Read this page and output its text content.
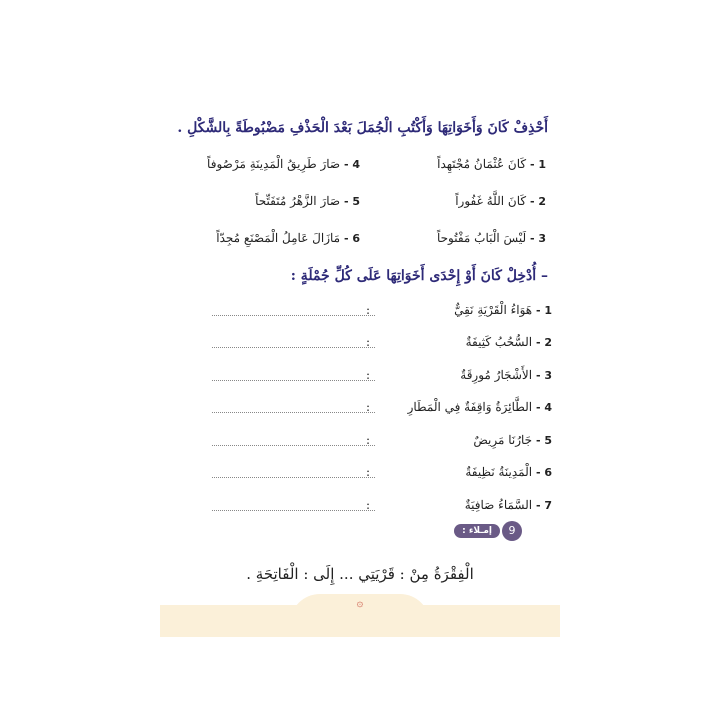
أَحْذِفْ كَانَ وَأَخَوَاتِهَا وَأَكْتُبِ الْجُمَلَ بَعْدَ الْحَذْفِ مَضْبُوطَةً بِالشَّكْلِ .
1 - كَانَ عُثْمَانُ مُجْتَهِداً
2 - كَانَ اللَّهُ غَفُوراً
3 - لَيْسَ الْبَابُ مَفْتُوحاً
4 - صَارَ طَرِيقُ الْمَدِينَةِ مَرْصُوفاً
5 - صَارَ الزَّهْرُ مُتَفَتِّحاً
6 - مَازَالَ عَامِلُ الْمَصْنَعِ مُجِدّاً
– أُدْخِلْ كَانَ أَوْ إِحْدَى أَخَوَاتِهَا عَلَى كُلِّ جُمْلَةٍ :
1 - هَوَاءُ الْقَرْيَةِ نَقِيٌّ
:
2 - السُّحُبُ كَثِيفَةٌ
:
3 - الأَشْجَارُ مُورِقَةٌ
:
4 - الطَّائِرَةُ وَاقِفَةٌ فِي الْمَطَارِ
:
5 - جَارُنَا مَرِيضٌ
:
6 - الْمَدِينَةُ نَظِيفَةٌ
:
7 - السَّمَاءُ صَافِيَةٌ
:
إمـلاء :	9
الْفِقْرَةُ مِنْ : قَرْيَتِي ... إِلَى : الْفَاتِحَةِ .
۞
